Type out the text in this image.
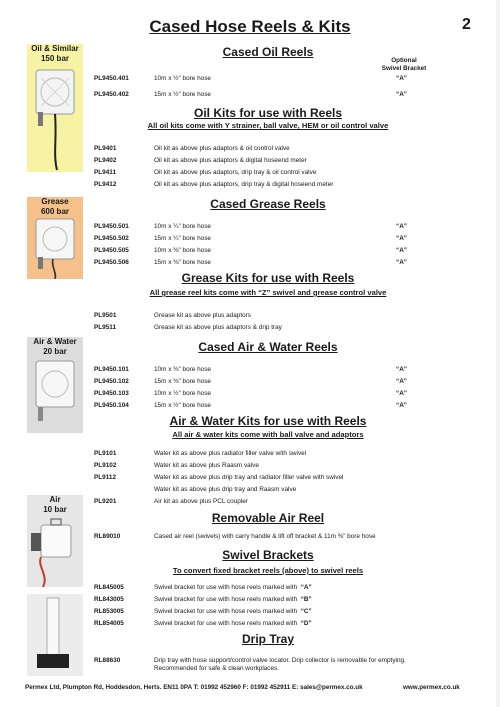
Cased Hose Reels & Kits	2
Oil & Similar
150 bar
Grease
600 bar
Air & Water
20 bar
Air
10 bar
Cased Oil Reels
Optional
Swivel Bracket
PL9450.401	10m x ½" bore hose	“A”
PL9450.402	15m x ½" bore hose	“A”
Oil Kits for use with Reels
All oil kits come with Y strainer, ball valve, HEM or oil control valve
PL9401	Oil kit as above plus adaptors & oil control valve
PL9402	Oil kit as above plus adaptors & digital hoseend meter
PL9411	Oil kit as above plus adaptors, drip tray & oil control valve
PL9412	Oil kit as above plus adaptors, drip tray & digital hoseend meter
Cased Grease Reels
PL9450.501	10m x ¼" bore hose	“A”
PL9450.502	15m x ¼" bore hose	“A”
PL9450.505	10m x ⅜" bore hose	“A”
PL9450.506	15m x ⅜" bore hose	“A”
Grease Kits for use with Reels
All grease reel kits come with “Z” swivel and grease control valve
PL9501	Grease kit as above plus adaptors
PL9511	Grease kit as above plus adaptors & drip tray
Cased Air & Water Reels
PL9450.101	10m x ⅜" bore hose	“A”
PL9450.102	15m x ⅜" bore hose	“A”
PL9450.103	10m x ½" bore hose	“A”
PL9450.104	15m x ½" bore hose	“A”
Air & Water Kits for use with Reels
All air & water kits come with ball valve and adaptors
PL9101	Water kit as above plus radiator filler valve with swivel
PL9102	Water kit as above plus Raasm valve
PL9112	Water kit as above plus drip tray and radiator filler valve with swivel
Water kit as above plus drip tray and Raasm valve
PL9201	Air kit as above plus PCL coupler
Removable Air Reel
RL89010	Cased air reel (swivels) with carry handle & lift off bracket & 11m ⅜" bore hose
Swivel Brackets
To convert fixed bracket reels (above) to swivel reels
RL845005	Swivel bracket for use with hose reels marked with “A”
RL843005	Swivel bracket for use with hose reels marked with “B”
RL853005	Swivel bracket for use with hose reels marked with “C”
RL854005	Swivel bracket for use with hose reels marked with “D”
Drip Tray
RL88630	Drip tray with hose support/control valve locator. Drip collector is removable for emptying.
Recommended for safe & clean workplaces.
Permex Ltd, Plumpton Rd, Hoddesdon, Herts. EN11 0PA T: 01992 452960 F: 01992 452911 E: sales@permex.co.uk	www.permex.co.uk
